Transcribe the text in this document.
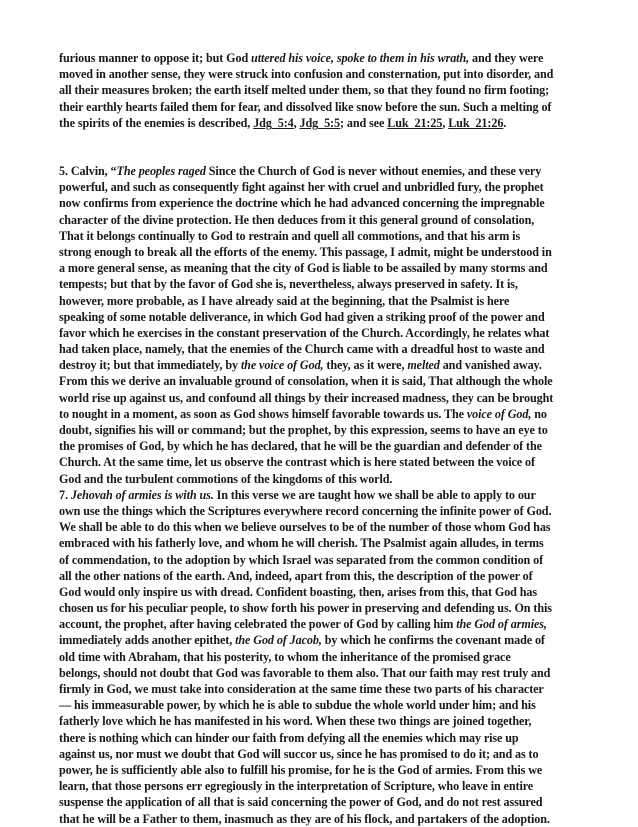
furious manner to oppose it; but God uttered his voice, spoke to them in his wrath, and they were
moved in another sense, they were struck into confusion and consternation, put into disorder, and
all their measures broken; the earth itself melted under them, so that they found no firm footing;
their earthly hearts failed them for fear, and dissolved like snow before the sun. Such a melting of
the spirits of the enemies is described, Jdg_5:4, Jdg_5:5; and see Luk_21:25, Luk_21:26.
5. Calvin, “The peoples raged Since the Church of God is never without enemies, and these very
powerful, and such as consequently fight against her with cruel and unbridled fury, the prophet
now confirms from experience the doctrine which he had advanced concerning the impregnable
character of the divine protection. He then deduces from it this general ground of consolation,
That it belongs continually to God to restrain and quell all commotions, and that his arm is
strong enough to break all the efforts of the enemy. This passage, I admit, might be understood in
a more general sense, as meaning that the city of God is liable to be assailed by many storms and
tempests; but that by the favor of God she is, nevertheless, always preserved in safety. It is,
however, more probable, as I have already said at the beginning, that the Psalmist is here
speaking of some notable deliverance, in which God had given a striking proof of the power and
favor which he exercises in the constant preservation of the Church. Accordingly, he relates what
had taken place, namely, that the enemies of the Church came with a dreadful host to waste and
destroy it; but that immediately, by the voice of God, they, as it were, melted and vanished away.
From this we derive an invaluable ground of consolation, when it is said, That although the whole
world rise up against us, and confound all things by their increased madness, they can be brought
to nought in a moment, as soon as God shows himself favorable towards us. The voice of God, no
doubt, signifies his will or command; but the prophet, by this expression, seems to have an eye to
the promises of God, by which he has declared, that he will be the guardian and defender of the
Church. At the same time, let us observe the contrast which is here stated between the voice of
God and the turbulent commotions of the kingdoms of this world.
7. Jehovah of armies is with us. In this verse we are taught how we shall be able to apply to our
own use the things which the Scriptures everywhere record concerning the infinite power of God.
We shall be able to do this when we believe ourselves to be of the number of those whom God has
embraced with his fatherly love, and whom he will cherish. The Psalmist again alludes, in terms
of commendation, to the adoption by which Israel was separated from the common condition of
all the other nations of the earth. And, indeed, apart from this, the description of the power of
God would only inspire us with dread. Confident boasting, then, arises from this, that God has
chosen us for his peculiar people, to show forth his power in preserving and defending us. On this
account, the prophet, after having celebrated the power of God by calling him the God of armies,
immediately adds another epithet, the God of Jacob, by which he confirms the covenant made of
old time with Abraham, that his posterity, to whom the inheritance of the promised grace
belongs, should not doubt that God was favorable to them also. That our faith may rest truly and
firmly in God, we must take into consideration at the same time these two parts of his character
— his immeasurable power, by which he is able to subdue the whole world under him; and his
fatherly love which he has manifested in his word. When these two things are joined together,
there is nothing which can hinder our faith from defying all the enemies which may rise up
against us, nor must we doubt that God will succor us, since he has promised to do it; and as to
power, he is sufficiently able also to fulfill his promise, for he is the God of armies. From this we
learn, that those persons err egregiously in the interpretation of Scripture, who leave in entire
suspense the application of all that is said concerning the power of God, and do not rest assured
that he will be a Father to them, inasmuch as they are of his flock, and partakers of the adoption.
